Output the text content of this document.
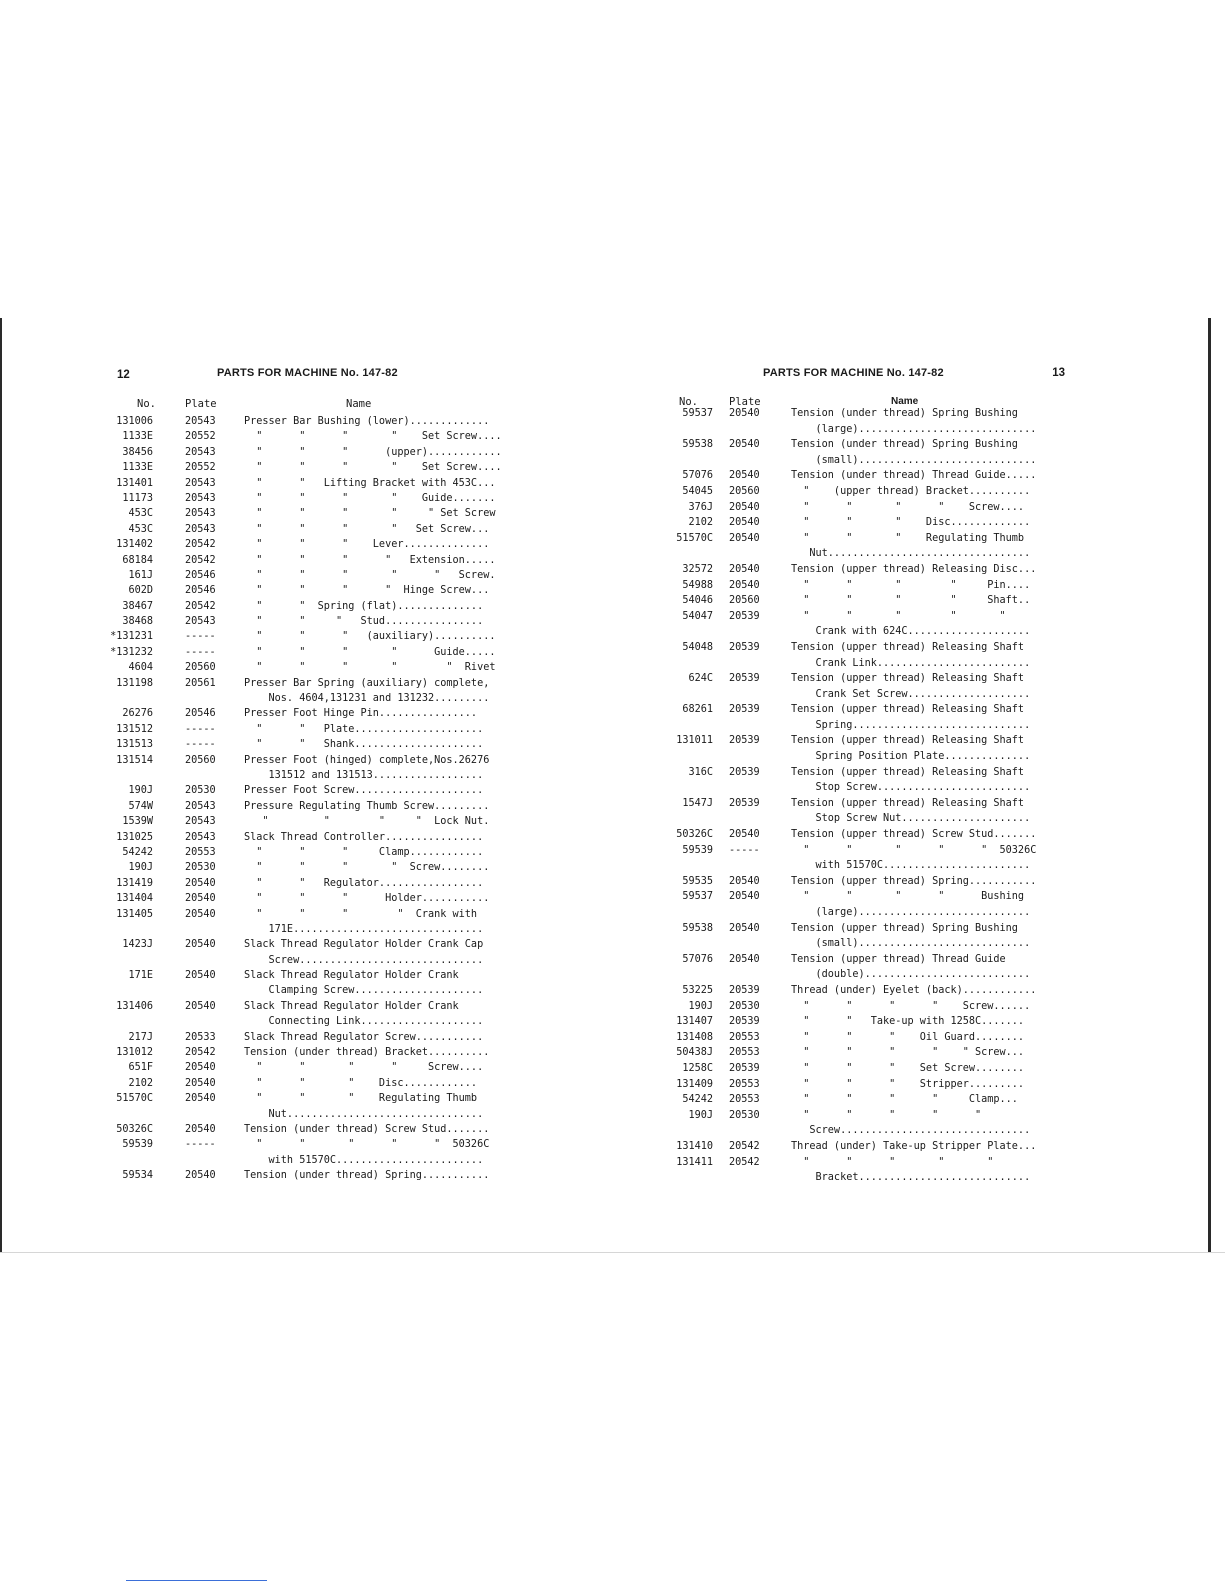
12	PARTS FOR MACHINE No. 147-82
No.	Plate	Name
131006	20543	Presser Bar Bushing (lower).............
1133E	20552	"      "      "       "    Set Screw....
38456	20543	"      "      "      (upper)............
1133E	20552	"      "      "       "    Set Screw....
131401	20543	"      "   Lifting Bracket with 453C...
11173	20543	"      "      "       "    Guide.......
453C	20543	"      "      "       "     " Set Screw
453C	20543	"      "      "       "   Set Screw...
131402	20542	"      "      "    Lever..............
68184	20542	"      "      "      "   Extension.....
161J	20546	"      "      "       "      "   Screw.
602D	20546	"      "      "      "  Hinge Screw...
38467	20542	"      "  Spring (flat)..............
38468	20543	"      "     "   Stud................
*131231	-----	"      "      "   (auxiliary)..........
*131232	-----	"      "      "       "      Guide.....
4604	20560	"      "      "       "        "  Rivet
131198	20561	Presser Bar Spring (auxiliary) complete,
Nos. 4604,131231 and 131232.........
26276	20546	Presser Foot Hinge Pin................
131512	-----	"      "   Plate.....................
131513	-----	"      "   Shank.....................
131514	20560	Presser Foot (hinged) complete,Nos.26276
131512 and 131513..................
190J	20530	Presser Foot Screw.....................
574W	20543	Pressure Regulating Thumb Screw.........
1539W	20543	"         "        "     "  Lock Nut.
131025	20543	Slack Thread Controller................
54242	20553	"      "      "     Clamp............
190J	20530	"      "      "       "  Screw........
131419	20540	"      "   Regulator.................
131404	20540	"      "      "      Holder...........
131405	20540	"      "      "        "  Crank with
171E...............................
1423J	20540	Slack Thread Regulator Holder Crank Cap
Screw..............................
171E	20540	Slack Thread Regulator Holder Crank
Clamping Screw.....................
131406	20540	Slack Thread Regulator Holder Crank
Connecting Link....................
217J	20533	Slack Thread Regulator Screw...........
131012	20542	Tension (under thread) Bracket..........
651F	20540	"      "       "      "     Screw....
2102	20540	"      "       "    Disc............
51570C	20540	"      "       "    Regulating Thumb
Nut................................
50326C	20540	Tension (under thread) Screw Stud.......
59539	-----	"      "       "      "      "  50326C
with 51570C........................
59534	20540	Tension (under thread) Spring...........
PARTS FOR MACHINE No. 147-82	13
No.	Plate	Name
59537 20540	Tension (under thread) Spring Bushing
(large).............................
59538 20540	Tension (under thread) Spring Bushing
(small).............................
57076 20540	Tension (under thread) Thread Guide.....
54045 20560	"    (upper thread) Bracket..........
376J 20540	"      "       "      "    Screw....
2102 20540	"      "       "    Disc.............
51570C 20540	"      "       "    Regulating Thumb
Nut.................................
32572 20540	Tension (upper thread) Releasing Disc...
54988 20540	"      "       "        "     Pin....
54046 20560	"      "       "        "     Shaft..
54047 20539	"      "       "        "       "
Crank with 624C....................
54048 20539	Tension (upper thread) Releasing Shaft
Crank Link.........................
624C 20539	Tension (upper thread) Releasing Shaft
Crank Set Screw....................
68261 20539	Tension (upper thread) Releasing Shaft
Spring.............................
131011 20539	Tension (upper thread) Releasing Shaft
Spring Position Plate..............
316C 20539	Tension (upper thread) Releasing Shaft
Stop Screw.........................
1547J 20539	Tension (upper thread) Releasing Shaft
Stop Screw Nut.....................
50326C 20540	Tension (upper thread) Screw Stud.......
59539 -----	"      "       "      "      "  50326C
with 51570C........................
59535 20540	Tension (upper thread) Spring...........
59537 20540	"      "       "      "      Bushing
(large)............................
59538 20540	Tension (upper thread) Spring Bushing
(small)............................
57076 20540	Tension (upper thread) Thread Guide
(double)...........................
53225 20539	Thread (under) Eyelet (back)............
190J 20530	"      "      "      "    Screw......
131407 20539	"      "   Take-up with 1258C.......
131408 20553	"      "      "    Oil Guard........
50438J 20553	"      "      "      "    " Screw...
1258C 20539	"      "      "    Set Screw........
131409 20553	"      "      "    Stripper.........
54242 20553	"      "      "      "     Clamp...
190J 20530	"      "      "      "      "
Screw...............................
131410 20542	Thread (under) Take-up Stripper Plate...
131411 20542	"      "      "       "       "
Bracket............................
